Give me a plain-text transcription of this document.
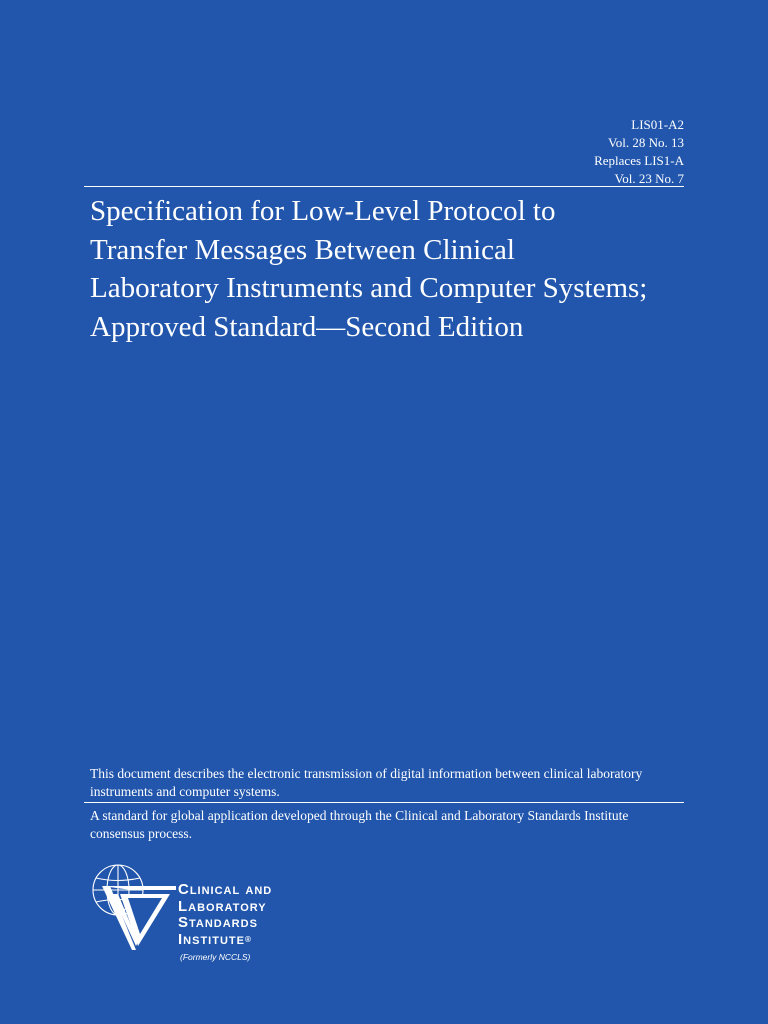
LIS01-A2
Vol. 28 No. 13
Replaces LIS1-A
Vol. 23 No. 7
Specification for Low-Level Protocol to Transfer Messages Between Clinical Laboratory Instruments and Computer Systems; Approved Standard—Second Edition
This document describes the electronic transmission of digital information between clinical laboratory instruments and computer systems.
A standard for global application developed through the Clinical and Laboratory Standards Institute consensus process.
Clinical and
Laboratory
Standards
Institute®
(Formerly NCCLS)
